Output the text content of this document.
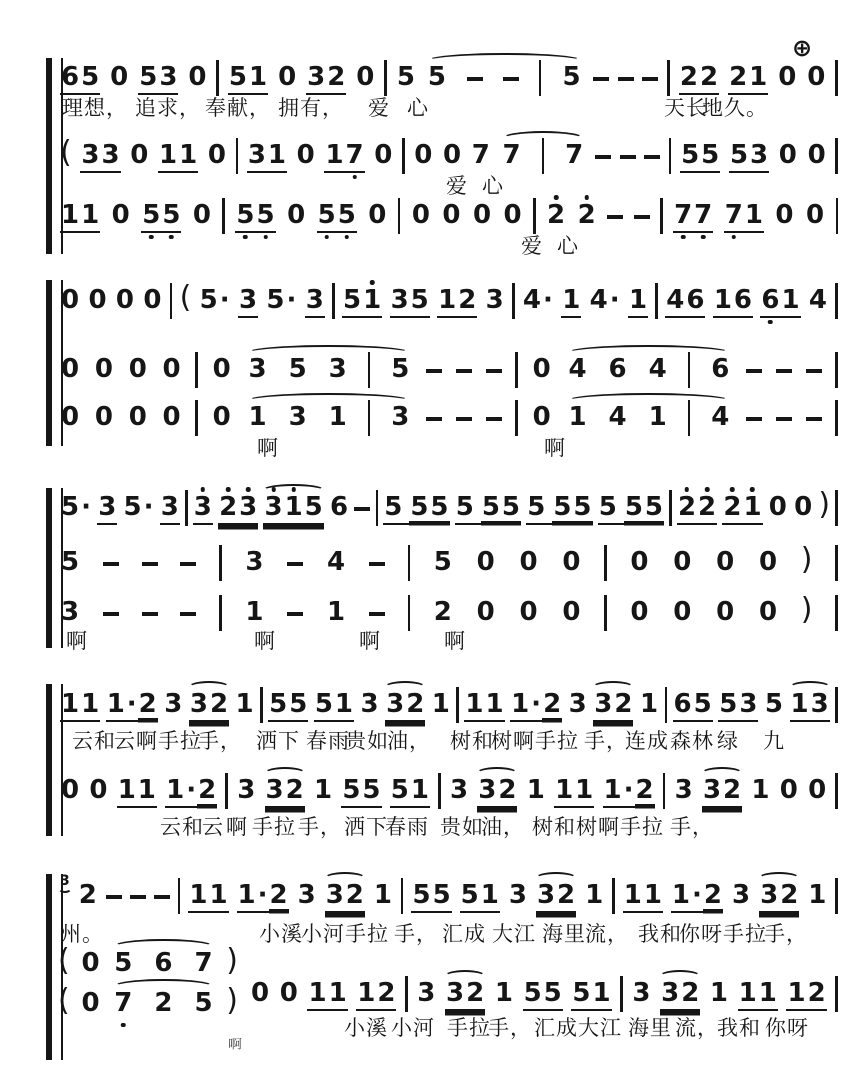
⊕
65 0 53 0 51 0 32 0 5 5	5	22 21 0 0
( 33 0 11 0 31 0 17 0 0 0 7 7 7	55 53 0 0
11 0 55 0 55 0 55 0 0 0 0 0 2 2	77 71 0 0
理想， 追求， 奉献， 拥有， 爱 心	天长
地久。
爱 心
爱 心
0 0 0 0 ( 5· 3 5· 3 51 35 12 3 4· 1 4· 1 46 16 61 4
0 0 0 0 0 3 5 3 5	0 4 6 4 6
0 0 0 0 0 1 3 1 3	0 1 4 1 4
啊	啊
5· 3 5· 3 3 23 315 6 5 55 5 55 5 55 5 55 22 21 0 0 )
5	3 4	5 0 0 0 0 0 0 0 )
3	1 1	2 0 0 0 0 0 0 0 )
啊	啊	啊	啊
11 1·2 3 32 1 55 51 3 32 1 11 1·2 3 32 1 65 53 5 13
0 0 11 1·2 3 32 1 55 51 3 32 1 11 1·2 3 32 1 0 0
云和
云 啊手拉
手， 洒下 春雨
贵如
油， 树和
树 啊手拉 手，
连成 森林 绿 九
云和
云 啊 手拉 手， 洒下
春雨 贵如
油， 树和 树 啊手拉 手，
3 2	11 1·2 3 32 1 55 51 3 32 1 11 1·2 3 32 1
( 0 5 6 7 )
0 0 11 12 3 32 1 55 51 3 32 1 11 12
( 0 7 2 5 )
州。	小溪
小 河手拉 手， 汇成 大江 海里 流， 我和
你 呀手拉
手，
小溪 小河 手拉
手， 汇成 大江 海里 流，
我和 你呀
啊
